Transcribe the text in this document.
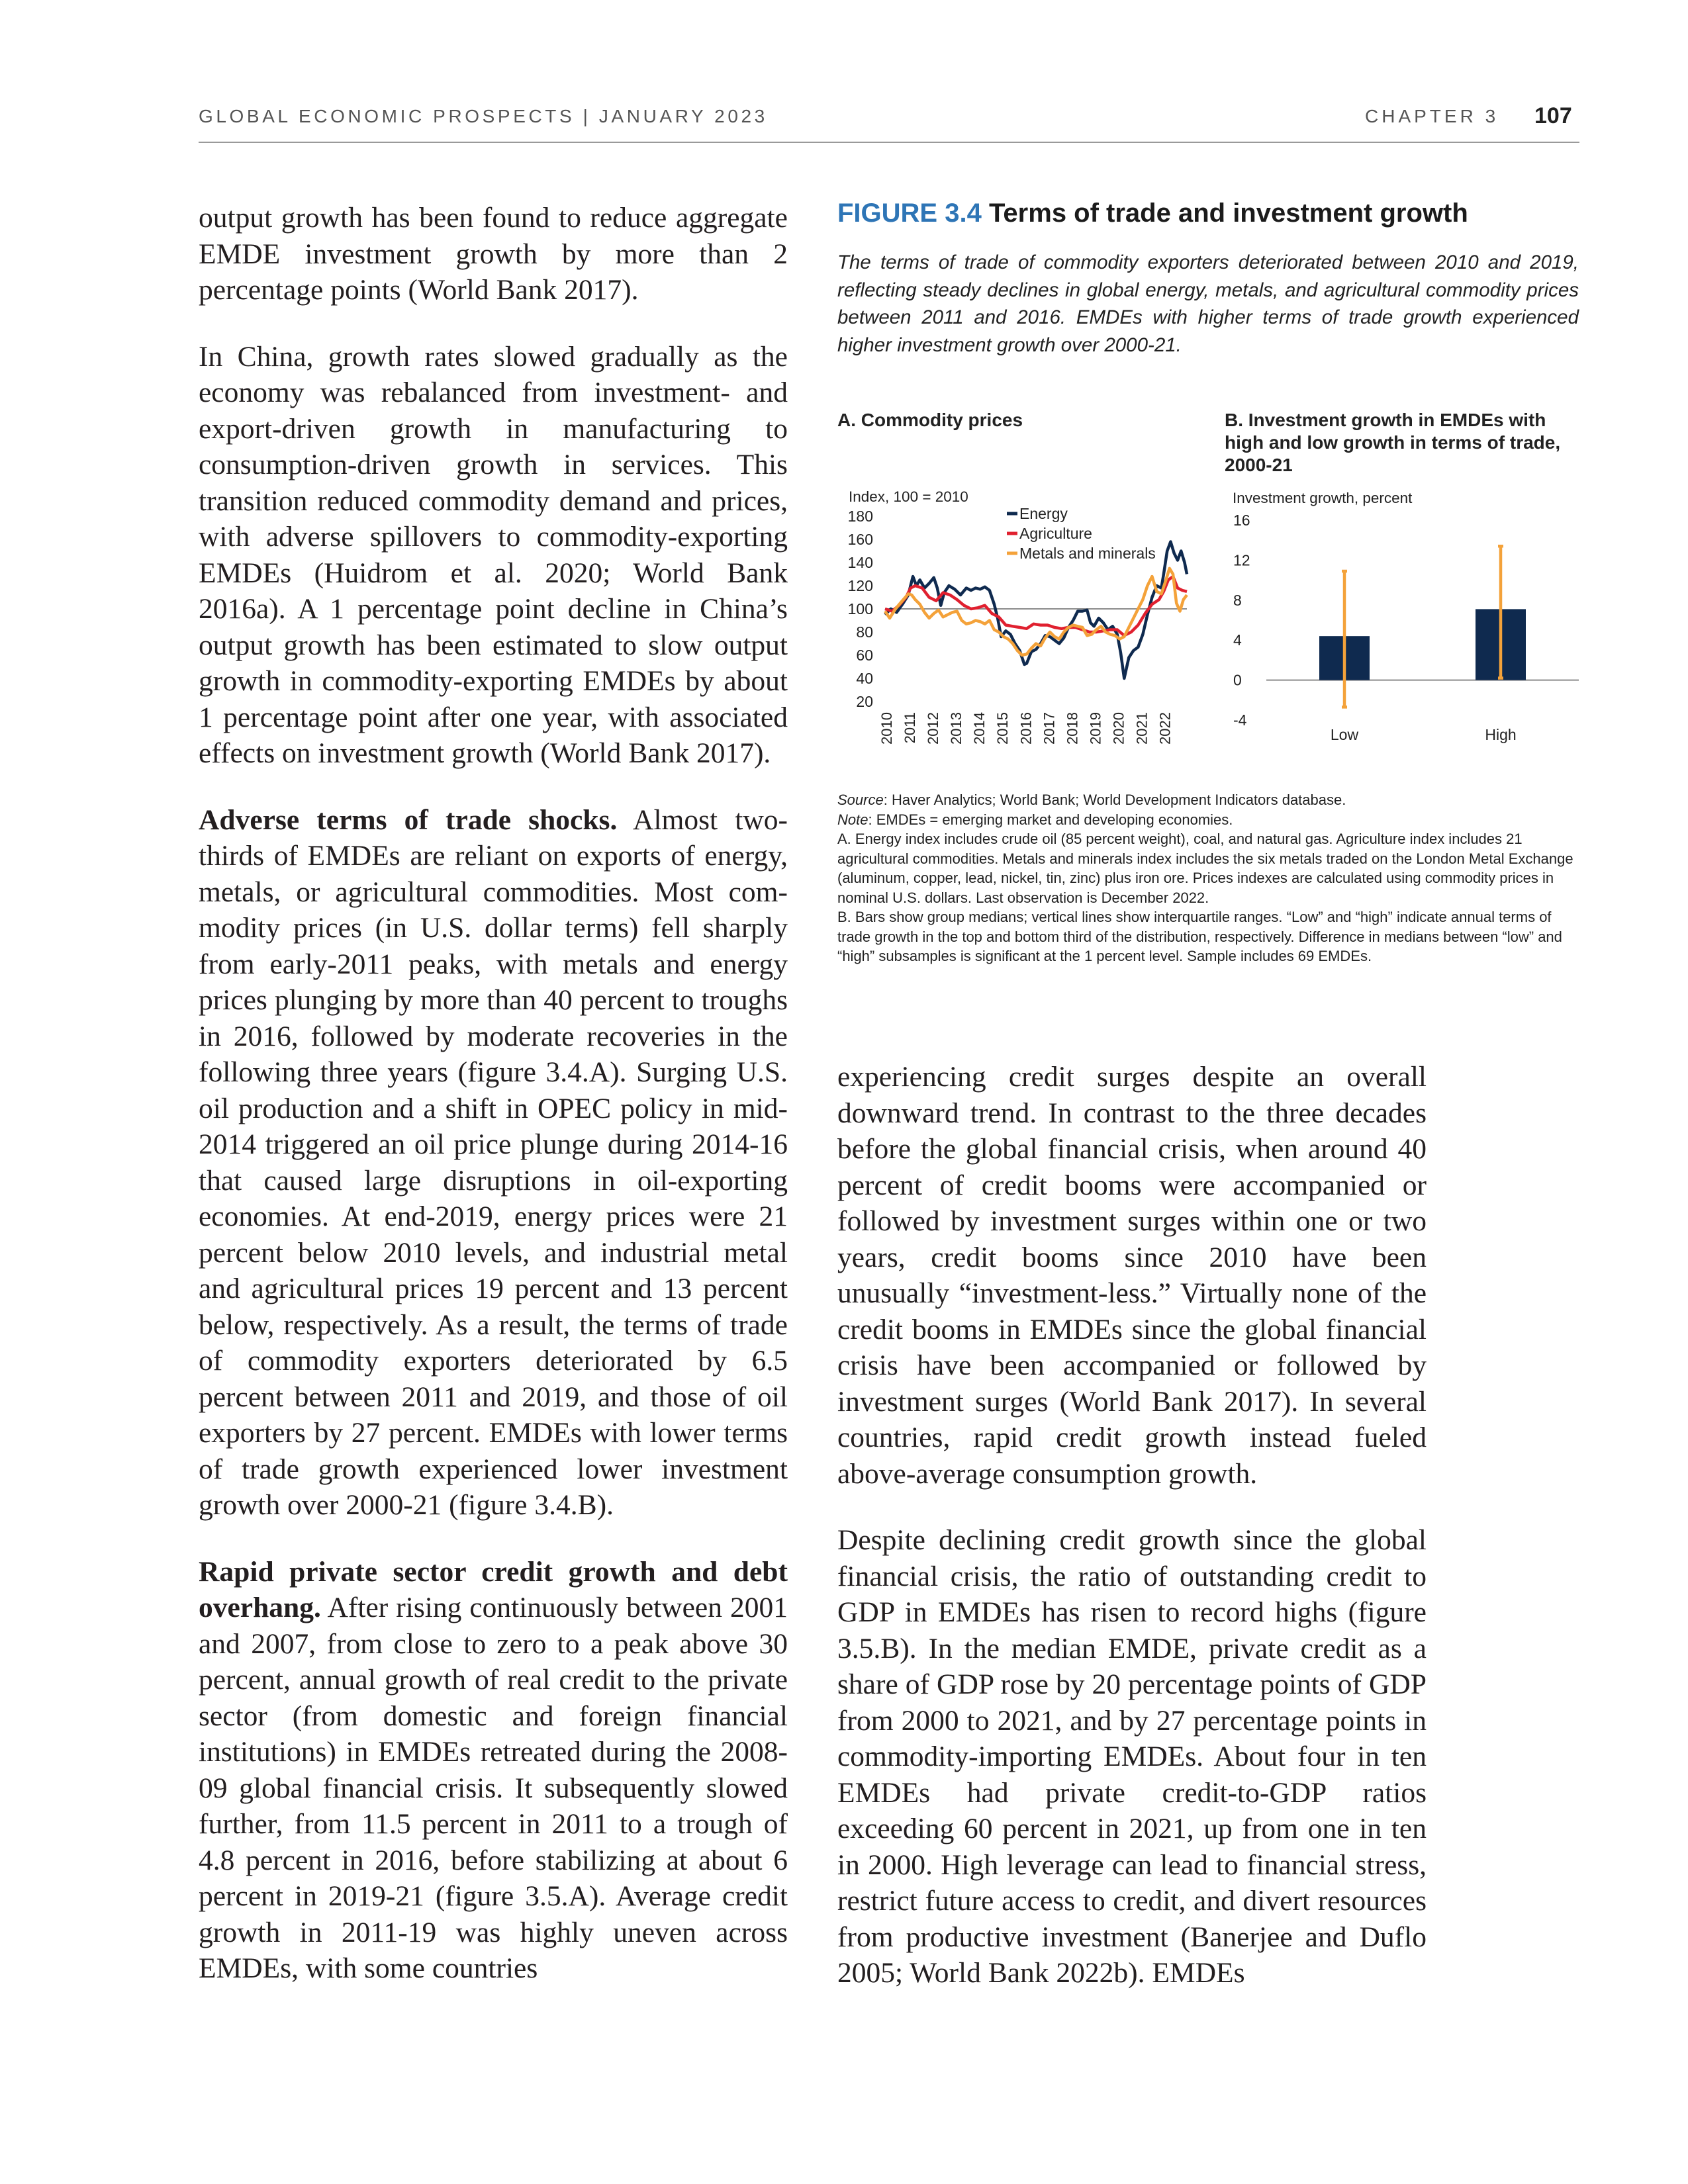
GLOBAL ECONOMIC PROSPECTS | JANUARY 2023	CHAPTER 3 107

output growth has been found to reduce aggregate EMDE investment growth by more than 2 percentage points (World Bank 2017).

In China, growth rates slowed gradually as the economy was rebalanced from investment- and export-driven growth in manufacturing to consumption-driven growth in services. This transition reduced commodity demand and prices, with adverse spillovers to commodity-exporting EMDEs (Huidrom et al. 2020; World Bank 2016a). A 1 percentage point decline in China’s output growth has been estimated to slow output growth in commodity-exporting EMDEs by about 1 percentage point after one year, with associated effects on investment growth (World Bank 2017).

Adverse terms of trade shocks. Almost two-thirds of EMDEs are reliant on exports of energy, metals, or agricultural commodities. Most com-modity prices (in U.S. dollar terms) fell sharply from early-2011 peaks, with metals and energy prices plunging by more than 40 percent to troughs in 2016, followed by moderate recoveries in the following three years (figure 3.4.A). Surging U.S. oil production and a shift in OPEC policy in mid-2014 triggered an oil price plunge during 2014-16 that caused large disruptions in oil-exporting economies. At end-2019, energy prices were 21 percent below 2010 levels, and industrial metal and agricultural prices 19 percent and 13 percent below, respectively. As a result, the terms of trade of commodity exporters deteriorated by 6.5 percent between 2011 and 2019, and those of oil exporters by 27 percent. EMDEs with lower terms of trade growth experienced lower investment growth over 2000-21 (figure 3.4.B).

Rapid private sector credit growth and debt overhang. After rising continuously between 2001 and 2007, from close to zero to a peak above 30 percent, annual growth of real credit to the private sector (from domestic and foreign financial institutions) in EMDEs retreated during the 2008-09 global financial crisis. It subsequently slowed further, from 11.5 percent in 2011 to a trough of 4.8 percent in 2016, before stabilizing at about 6 percent in 2019-21 (figure 3.5.A). Average credit growth in 2011-19 was highly uneven across EMDEs, with some countries

FIGURE 3.4 Terms of trade and investment growth
The terms of trade of commodity exporters deteriorated between 2010 and 2019, reflecting steady declines in global energy, metals, and agricultural commodity prices between 2011 and 2016. EMDEs with higher terms of trade growth experienced higher investment growth over 2000-21.
A. Commodity prices	B. Investment growth in EMDEs with high and low growth in terms of trade, 2000-21
Index, 100 = 2010	Investment growth, percent
180
160
140
120
100
80
60
40
20
2010 2011 2012 2013 2014 2015 2016 2017 2018 2019 2020 2021 2022
Energy
Agriculture
Metals and minerals
16
12
8
4
0
-4
Low	High
Source: Haver Analytics; World Bank; World Development Indicators database.
Note: EMDEs = emerging market and developing economies.
A. Energy index includes crude oil (85 percent weight), coal, and natural gas. Agriculture index includes 21 agricultural commodities. Metals and minerals index includes the six metals traded on the London Metal Exchange (aluminum, copper, lead, nickel, tin, zinc) plus iron ore. Prices indexes are calculated using commodity prices in nominal U.S. dollars. Last observation is December 2022.
B. Bars show group medians; vertical lines show interquartile ranges. “Low” and “high” indicate annual terms of trade growth in the top and bottom third of the distribution, respectively. Difference in medians between “low” and “high” subsamples is significant at the 1 percent level. Sample includes 69 EMDEs.

experiencing credit surges despite an overall downward trend. In contrast to the three decades before the global financial crisis, when around 40 percent of credit booms were accompanied or followed by investment surges within one or two years, credit booms since 2010 have been unusually “investment-less.” Virtually none of the credit booms in EMDEs since the global financial crisis have been accompanied or followed by investment surges (World Bank 2017). In several countries, rapid credit growth instead fueled above-average consumption growth.

Despite declining credit growth since the global financial crisis, the ratio of outstanding credit to GDP in EMDEs has risen to record highs (figure 3.5.B). In the median EMDE, private credit as a share of GDP rose by 20 percentage points of GDP from 2000 to 2021, and by 27 percentage points in commodity-importing EMDEs. About four in ten EMDEs had private credit-to-GDP ratios exceeding 60 percent in 2021, up from one in ten in 2000. High leverage can lead to financial stress, restrict future access to credit, and divert resources from productive investment (Banerjee and Duflo 2005; World Bank 2022b). EMDEs
